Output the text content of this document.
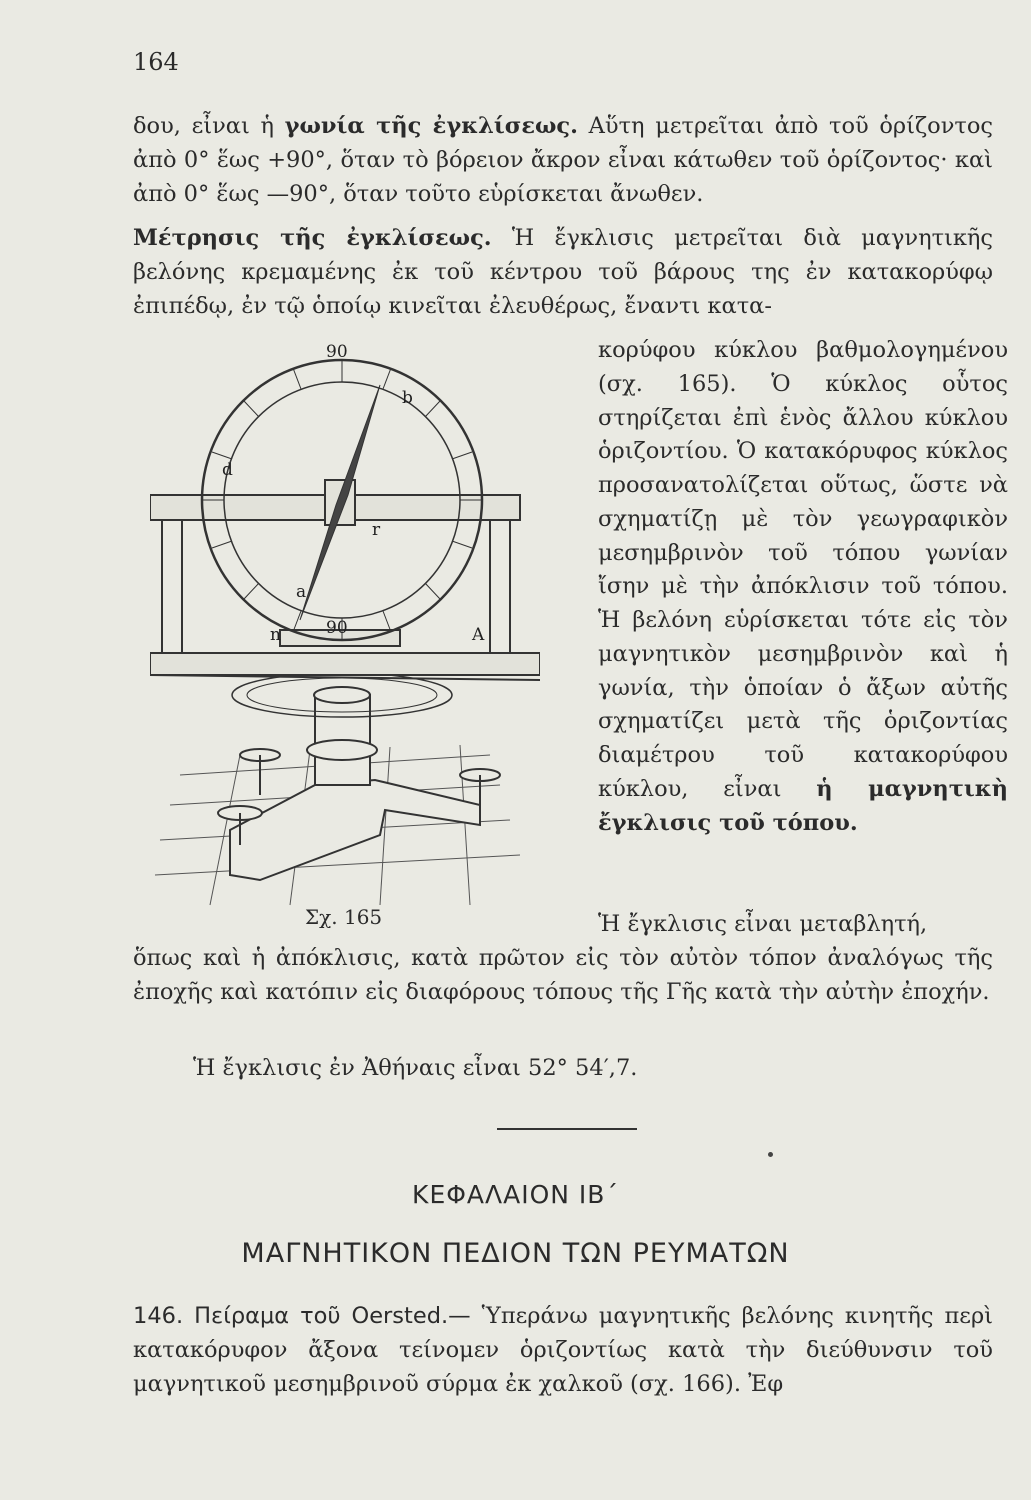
164

δου, εἶναι ἡ γωνία τῆς ἐγκλίσεως. Αὕτη μετρεῖται ἀπὸ τοῦ ὁρίζοντος ἀπὸ 0° ἕως +90°, ὅταν τὸ βόρειον ἄκρον εἶναι κάτωθεν τοῦ ὁρίζοντος· καὶ ἀπὸ 0° ἕως —90°, ὅταν τοῦτο εὑρίσκεται ἄνωθεν.

Μέτρησις τῆς ἐγκλίσεως. Ἡ ἔγκλισις μετρεῖται διὰ μαγνητικῆς βελόνης κρεμαμένης ἐκ τοῦ κέντρου τοῦ βάρους της ἐν κατακορύφῳ ἐπιπέδῳ, ἐν τῷ ὁποίῳ κινεῖται ἐλευθέρως, ἔναντι κατα-

κορύφου κύκλου βαθμολογημένου (σχ. 165). Ὁ κύκλος οὗτος στηρίζεται ἐπὶ ἑνὸς ἄλλου κύκλου ὁριζοντίου. Ὁ κατακόρυφος κύκλος προσανατολίζεται οὕτως, ὥστε νὰ σχηματίζῃ μὲ τὸν γεωγραφικὸν μεσημβρινὸν τοῦ τόπου γωνίαν ἴσην μὲ τὴν ἀπόκλισιν τοῦ τόπου. Ἡ βελόνη εὑρίσκεται τότε εἰς τὸν μαγνητικὸν μεσημβρινὸν καὶ ἡ γωνία, τὴν ὁποίαν ὁ ἄξων αὐτῆς σχηματίζει μετὰ τῆς ὁριζοντίας διαμέτρου τοῦ κατακορύφου κύκλου, εἶναι ἡ μαγνητικὴ ἔγκλισις τοῦ τόπου.

90
90
b
d
r
a
n	A
Σχ. 165	Ἡ ἔγκλισις εἶναι μεταβλητή,

ὅπως καὶ ἡ ἀπόκλισις, κατὰ πρῶτον εἰς τὸν αὐτὸν τόπον ἀναλόγως τῆς ἐποχῆς καὶ κατόπιν εἰς διαφόρους τόπους τῆς Γῆς κατὰ τὴν αὐτὴν ἐποχήν.

Ἡ ἔγκλισις ἐν Ἀθήναις εἶναι 52° 54′,7.

ΚΕΦΑΛΑΙΟΝ ΙΒ΄
ΜΑΓΝΗΤΙΚΟΝ ΠΕΔΙΟΝ ΤΩΝ ΡΕΥΜΑΤΩΝ

146. Πείραμα τοῦ Oersted.— Ὑπεράνω μαγνητικῆς βελόνης κινητῆς περὶ κατακόρυφον ἄξονα τείνομεν ὁριζοντίως κατὰ τὴν διεύθυνσιν τοῦ μαγνητικοῦ μεσημβρινοῦ σύρμα ἐκ χαλκοῦ (σχ. 166). Ἐφ
